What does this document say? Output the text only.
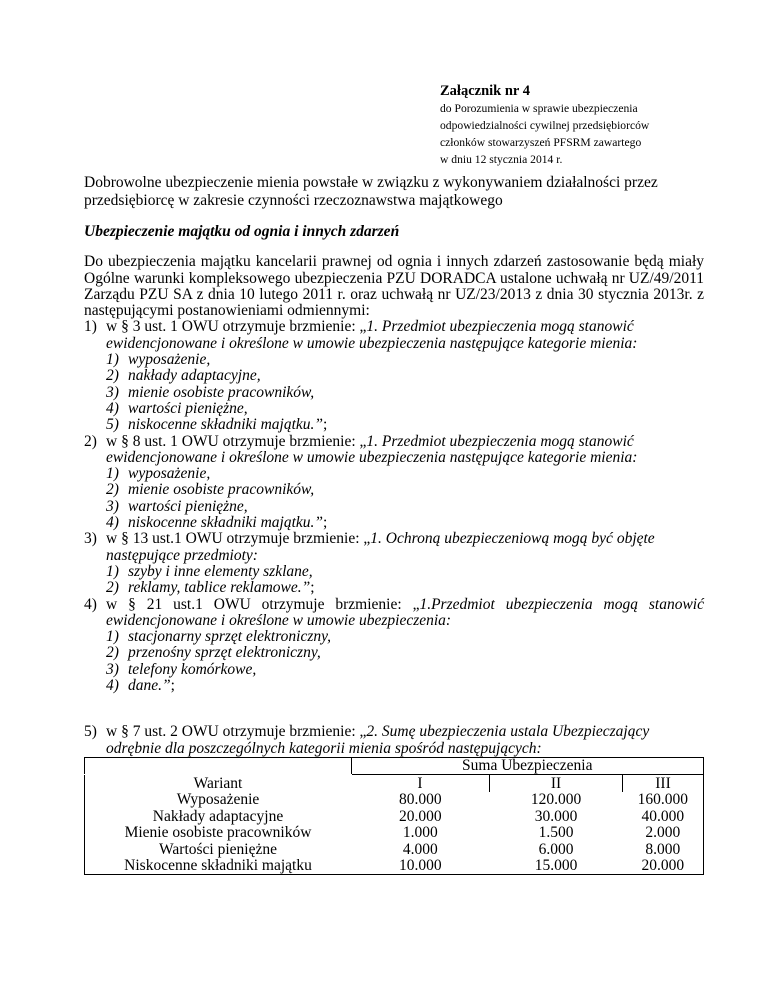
Załącznik nr 4
do Porozumienia w sprawie ubezpieczenia
odpowiedzialności cywilnej przedsiębiorców
członków stowarzyszeń PFSRM zawartego
w dniu 12 stycznia 2014 r.

Dobrowolne ubezpieczenie mienia powstałe w związku z wykonywaniem działalności przez przedsiębiorcę w zakresie czynności rzeczoznawstwa majątkowego

Ubezpieczenie majątku od ognia i innych zdarzeń

Do ubezpieczenia majątku kancelarii prawnej od ognia i innych zdarzeń zastosowanie będą miały Ogólne warunki kompleksowego ubezpieczenia PZU DORADCA ustalone uchwałą nr UZ/49/2011 Zarządu PZU SA z dnia 10 lutego 2011 r. oraz uchwałą nr UZ/23/2013 z dnia 30 stycznia 2013r. z następującymi postanowieniami odmiennymi:

1) w § 3 ust. 1 OWU otrzymuje brzmienie: „1. Przedmiot ubezpieczenia mogą stanowić ewidencjonowane i określone w umowie ubezpieczenia następujące kategorie mienia:
1) wyposażenie,
2) nakłady adaptacyjne,
3) mienie osobiste pracowników,
4) wartości pieniężne,
5) niskocenne składniki majątku.”;
2) w § 8 ust. 1 OWU otrzymuje brzmienie: „1. Przedmiot ubezpieczenia mogą stanowić ewidencjonowane i określone w umowie ubezpieczenia następujące kategorie mienia:
1) wyposażenie,
2) mienie osobiste pracowników,
3) wartości pieniężne,
4) niskocenne składniki majątku.”;
3) w § 13 ust.1 OWU otrzymuje brzmienie: „1. Ochroną ubezpieczeniową mogą być objęte następujące przedmioty:
1) szyby i inne elementy szklane,
2) reklamy, tablice reklamowe.”;
4) w § 21 ust.1 OWU otrzymuje brzmienie: „1.Przedmiot ubezpieczenia mogą stanowić ewidencjonowane i określone w umowie ubezpieczenia:
1) stacjonarny sprzęt elektroniczny,
2) przenośny sprzęt elektroniczny,
3) telefony komórkowe,
4) dane.”;
5) w § 7 ust. 2 OWU otrzymuje brzmienie: „2. Sumę ubezpieczenia ustala Ubezpieczający odrębnie dla poszczególnych kategorii mienia spośród następujących:
	Suma Ubezpieczenia		
Wariant	I	II	III
Wyposażenie	80.000	120.000	160.000
Nakłady adaptacyjne	20.000	30.000	40.000
Mienie osobiste pracowników	1.000	1.500	2.000
Wartości pieniężne	4.000	6.000	8.000
Niskocenne składniki majątku	10.000	15.000	20.000
